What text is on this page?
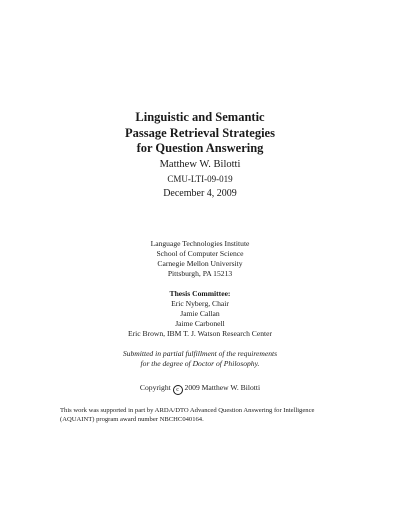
Linguistic and Semantic
Passage Retrieval Strategies
for Question Answering
Matthew W. Bilotti
CMU-LTI-09-019
December 4, 2009
Language Technologies Institute
School of Computer Science
Carnegie Mellon University
Pittsburgh, PA 15213
Thesis Committee:
Eric Nyberg, Chair
Jamie Callan
Jaime Carbonell
Eric Brown, IBM T. J. Watson Research Center
Submitted in partial fulfillment of the requirements
for the degree of Doctor of Philosophy.
Copyright c 2009 Matthew W. Bilotti
This work was supported in part by ARDA/DTO Advanced Question Answering for Intelligence
(AQUAINT) program award number NBCHC040164.
